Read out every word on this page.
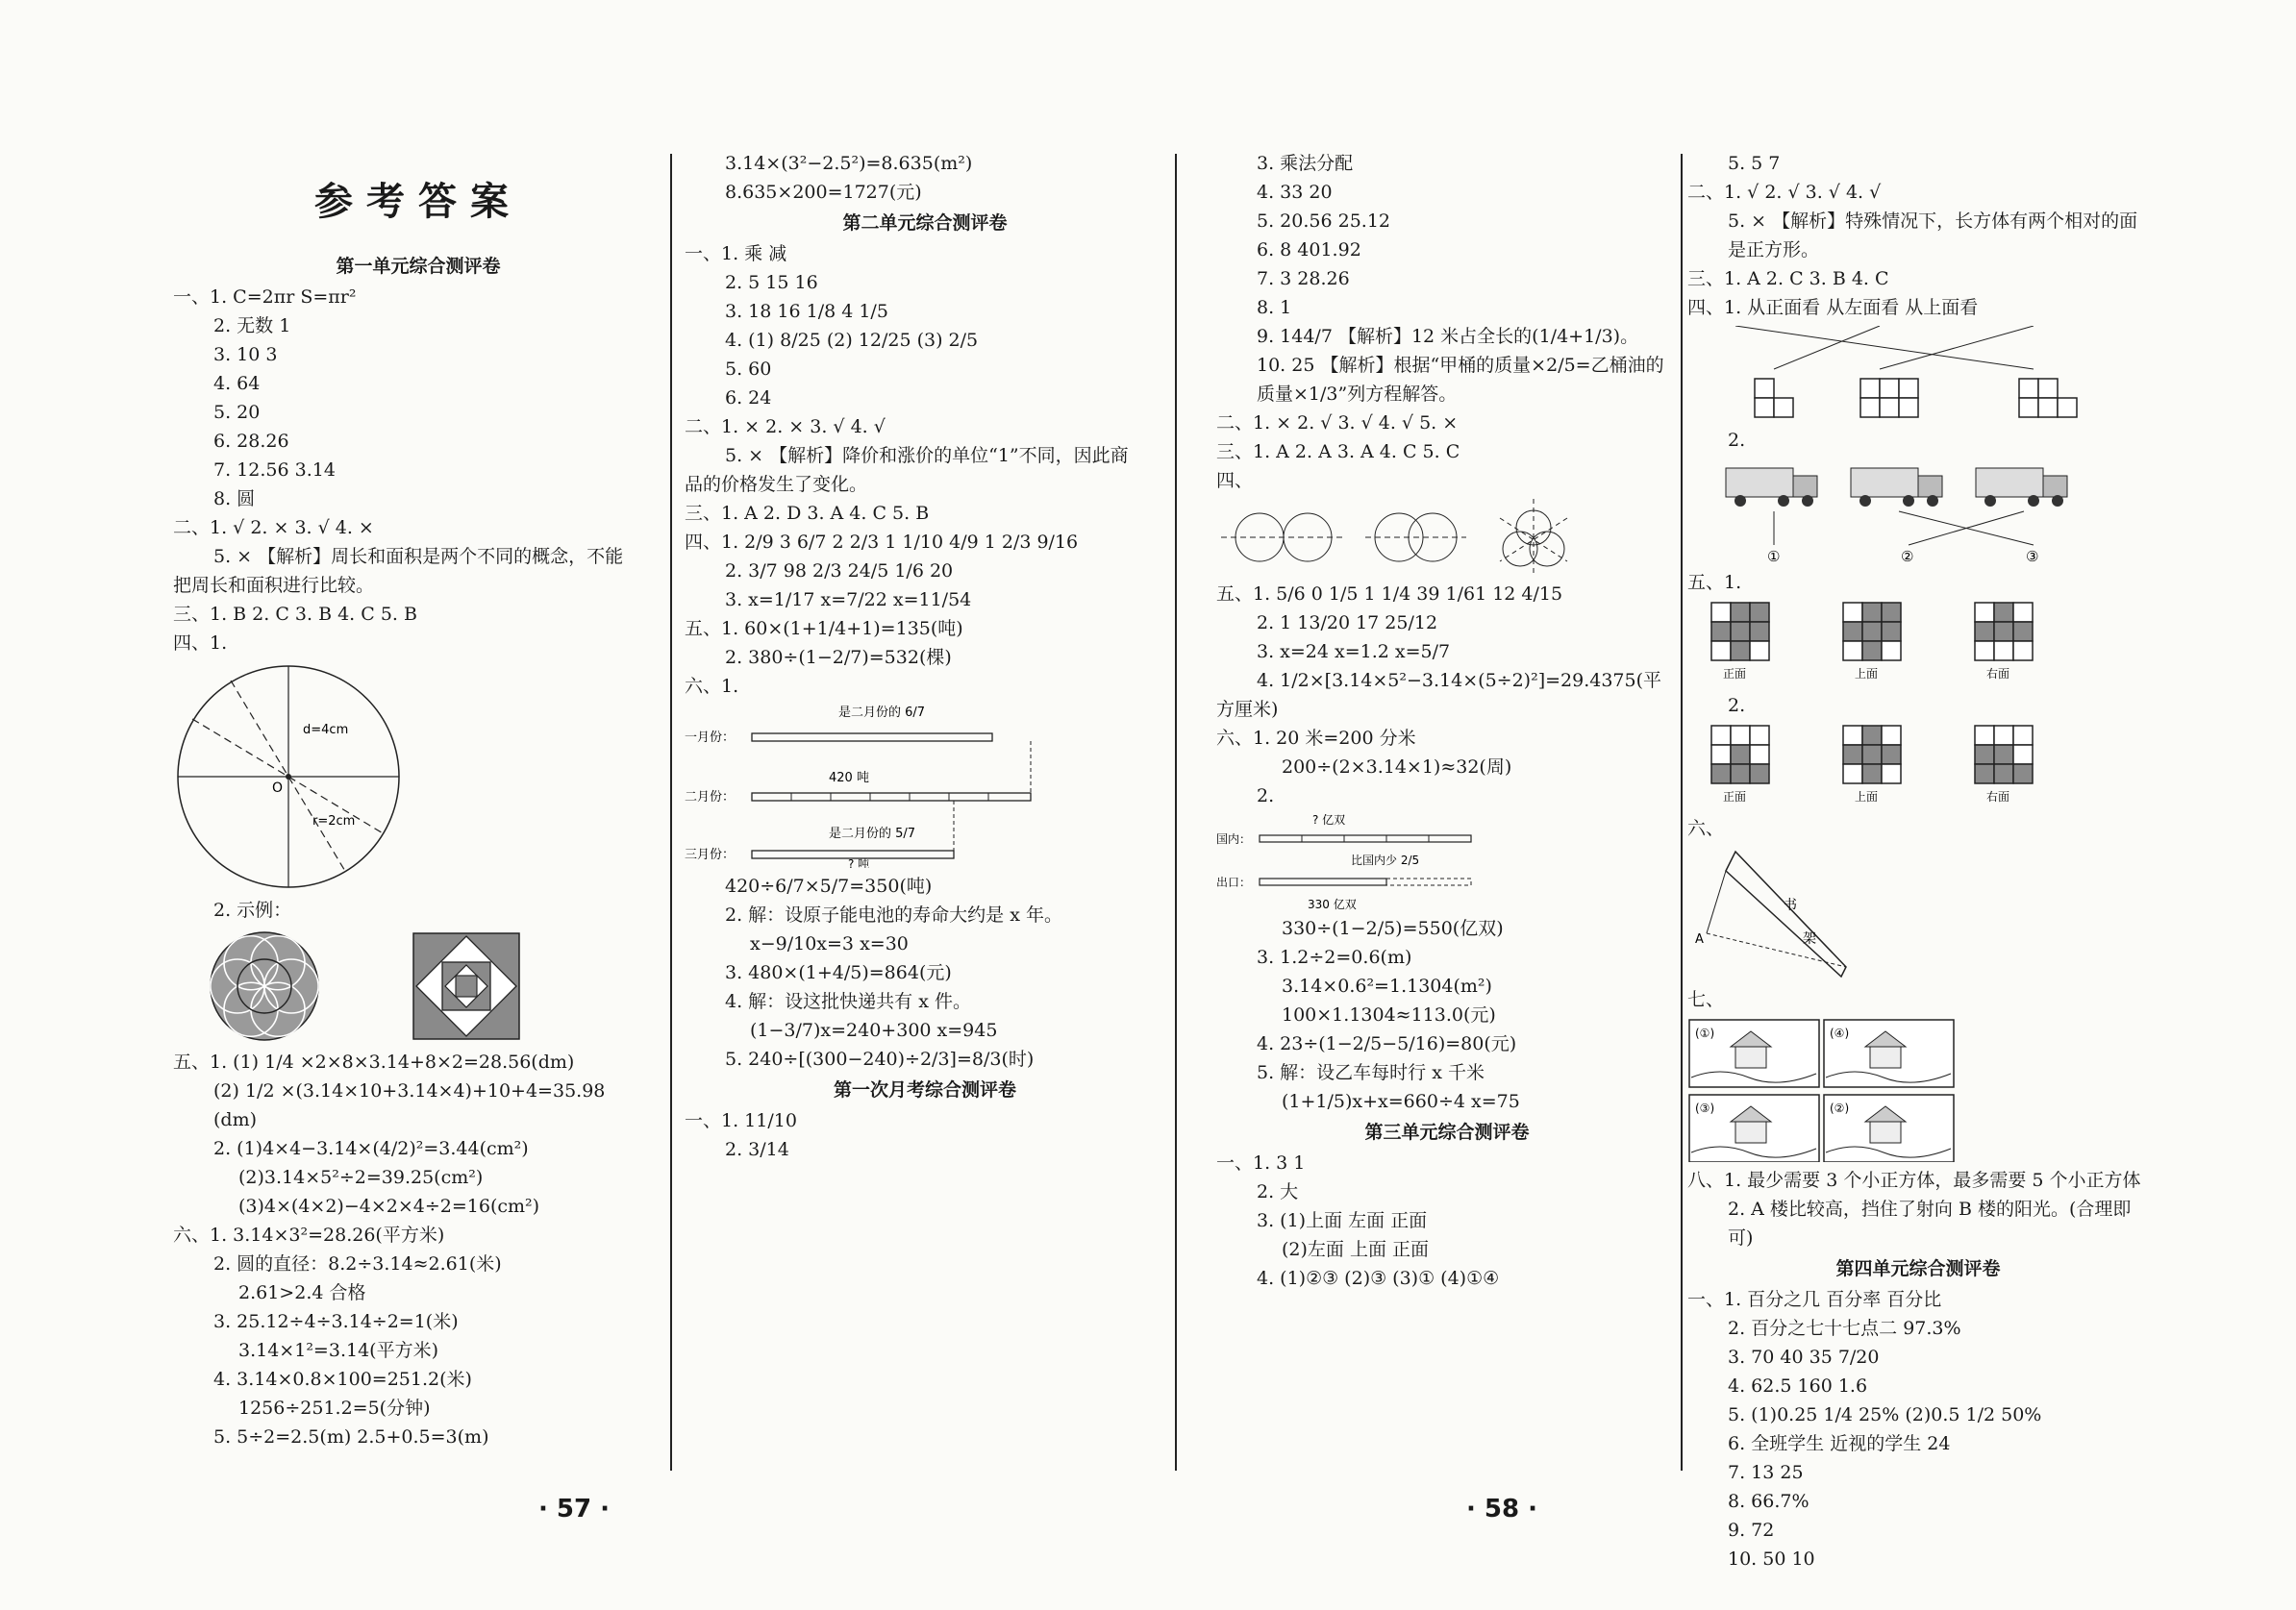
参考答案
第一单元综合测评卷
一、1. C=2πr S=πr²
2. 无数 1
3. 10 3
4. 64
5. 20
6. 28.26
7. 12.56 3.14
8. 圆
二、1. √ 2. × 3. √ 4. ×
5. × 【解析】周长和面积是两个不同的概念，不能
把周长和面积进行比较。
三、1. B 2. C 3. B 4. C 5. B
四、1.
d=4cm
r=2cm
O
2. 示例：
五、1. (1) 1/4 ×2×8×3.14+8×2=28.56(dm)
(2) 1/2 ×(3.14×10+3.14×4)+10+4=35.98
(dm)
2. (1)4×4−3.14×(4/2)²=3.44(cm²)
(2)3.14×5²÷2=39.25(cm²)
(3)4×(4×2)−4×2×4÷2=16(cm²)
六、1. 3.14×3²=28.26(平方米)
2. 圆的直径：8.2÷3.14≈2.61(米)
2.61>2.4 合格
3. 25.12÷4÷3.14÷2=1(米)
3.14×1²=3.14(平方米)
4. 3.14×0.8×100=251.2(米)
1256÷251.2=5(分钟)
5. 5÷2=2.5(m) 2.5+0.5=3(m)
3.14×(3²−2.5²)=8.635(m²)
8.635×200=1727(元)
第二单元综合测评卷
一、1. 乘 减
2. 5 15 16
3. 18 16 1/8 4 1/5
4. (1) 8/25 (2) 12/25 (3) 2/5
5. 60
6. 24
二、1. × 2. × 3. √ 4. √
5. × 【解析】降价和涨价的单位“1”不同，因此商
品的价格发生了变化。
三、1. A 2. D 3. A 4. C 5. B
四、1. 2/9 3 6/7 2 2/3 1 1/10 4/9 1 2/3 9/16
2. 3/7 98 2/3 24/5 1/6 20
3. x=1/17 x=7/22 x=11/54
五、1. 60×(1+1/4+1)=135(吨)
2. 380÷(1−2/7)=532(棵)
六、1.
一月份：
二月份：
三月份：
是二月份的 6/7
420 吨
是二月份的 5/7
? 吨
420÷6/7×5/7=350(吨)
2. 解：设原子能电池的寿命大约是 x 年。
x−9/10x=3 x=30
3. 480×(1+4/5)=864(元)
4. 解：设这批快递共有 x 件。
(1−3/7)x=240+300 x=945
5. 240÷[(300−240)÷2/3]=8/3(时)
第一次月考综合测评卷
一、1. 11/10
2. 3/14
3. 乘法分配
4. 33 20
5. 20.56 25.12
6. 8 401.92
7. 3 28.26
8. 1
9. 144/7 【解析】12 米占全长的(1/4+1/3)。
10. 25 【解析】根据“甲桶的质量×2/5=乙桶油的
质量×1/3”列方程解答。
二、1. × 2. √ 3. √ 4. √ 5. ×
三、1. A 2. A 3. A 4. C 5. C
四、
五、1. 5/6 0 1/5 1 1/4 39 1/61 12 4/15
2. 1 13/20 17 25/12
3. x=24 x=1.2 x=5/7
4. 1/2×[3.14×5²−3.14×(5÷2)²]=29.4375(平
方厘米)
六、1. 20 米=200 分米
200÷(2×3.14×1)≈32(周)
2.
国内：
出口：
? 亿双
比国内少 2/5
330 亿双
330÷(1−2/5)=550(亿双)
3. 1.2÷2=0.6(m)
3.14×0.6²=1.1304(m²)
100×1.1304≈113.0(元)
4. 23÷(1−2/5−5/16)=80(元)
5. 解：设乙车每时行 x 千米
(1+1/5)x+x=660÷4 x=75
第三单元综合测评卷
一、1. 3 1
2. 大
3. (1)上面 左面 正面
(2)左面 上面 正面
4. (1)②③ (2)③ (3)① (4)①④
5. 5 7
二、1. √ 2. √ 3. √ 4. √
5. × 【解析】特殊情况下，长方体有两个相对的面
是正方形。
三、1. A 2. C 3. B 4. C
四、1. 从正面看 从左面看 从上面看
2.
①	②	③
五、1.
正面	上面	右面
2.
正面	上面	右面
六、
书
架
A
七、
(①)	(④)
(③)	(②)
八、1. 最少需要 3 个小正方体，最多需要 5 个小正方体
2. A 楼比较高，挡住了射向 B 楼的阳光。(合理即
可)
第四单元综合测评卷
一、1. 百分之几 百分率 百分比
2. 百分之七十七点二 97.3%
3. 70 40 35 7/20
4. 62.5 160 1.6
5. (1)0.25 1/4 25% (2)0.5 1/2 50%
6. 全班学生 近视的学生 24
7. 13 25
8. 66.7%
9. 72
10. 50 10
· 57 ·	· 58 ·
